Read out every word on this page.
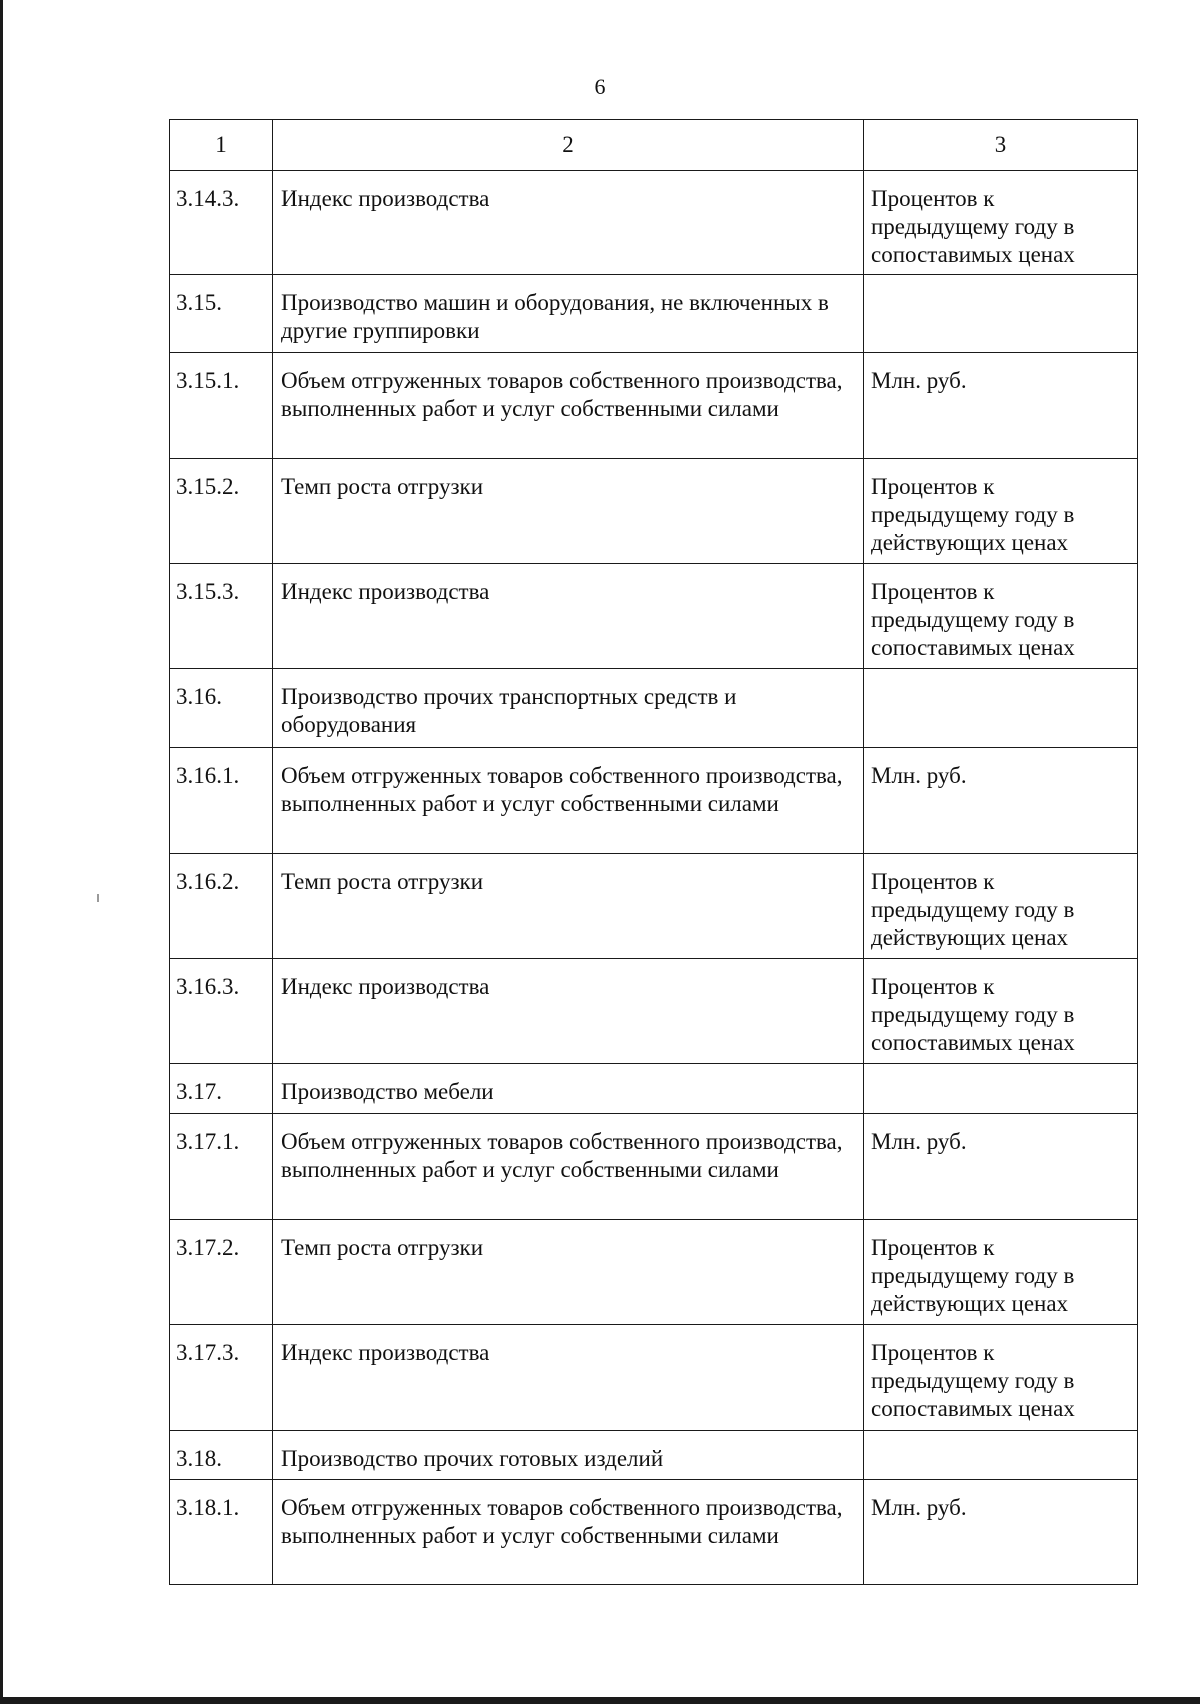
6
1	2	3
3.14.3.	Индекс производства	Процентов к предыдущему году в сопоставимых ценах
3.15.	Производство машин и оборудования, не включенных в другие группировки	
3.15.1.	Объем отгруженных товаров собственного производства, выполненных работ и услуг собственными силами	Млн. руб.
3.15.2.	Темп роста отгрузки	Процентов к предыдущему году в действующих ценах
3.15.3.	Индекс производства	Процентов к предыдущему году в сопоставимых ценах
3.16.	Производство прочих транспортных средств и оборудования	
3.16.1.	Объем отгруженных товаров собственного производства, выполненных работ и услуг собственными силами	Млн. руб.
3.16.2.	Темп роста отгрузки	Процентов к предыдущему году в действующих ценах
3.16.3.	Индекс производства	Процентов к предыдущему году в сопоставимых ценах
3.17.	Производство мебели	
3.17.1.	Объем отгруженных товаров собственного производства, выполненных работ и услуг собственными силами	Млн. руб.
3.17.2.	Темп роста отгрузки	Процентов к предыдущему году в действующих ценах
3.17.3.	Индекс производства	Процентов к предыдущему году в сопоставимых ценах
3.18.	Производство прочих готовых изделий	
3.18.1.	Объем отгруженных товаров собственного производства, выполненных работ и услуг собственными силами	Млн. руб.
